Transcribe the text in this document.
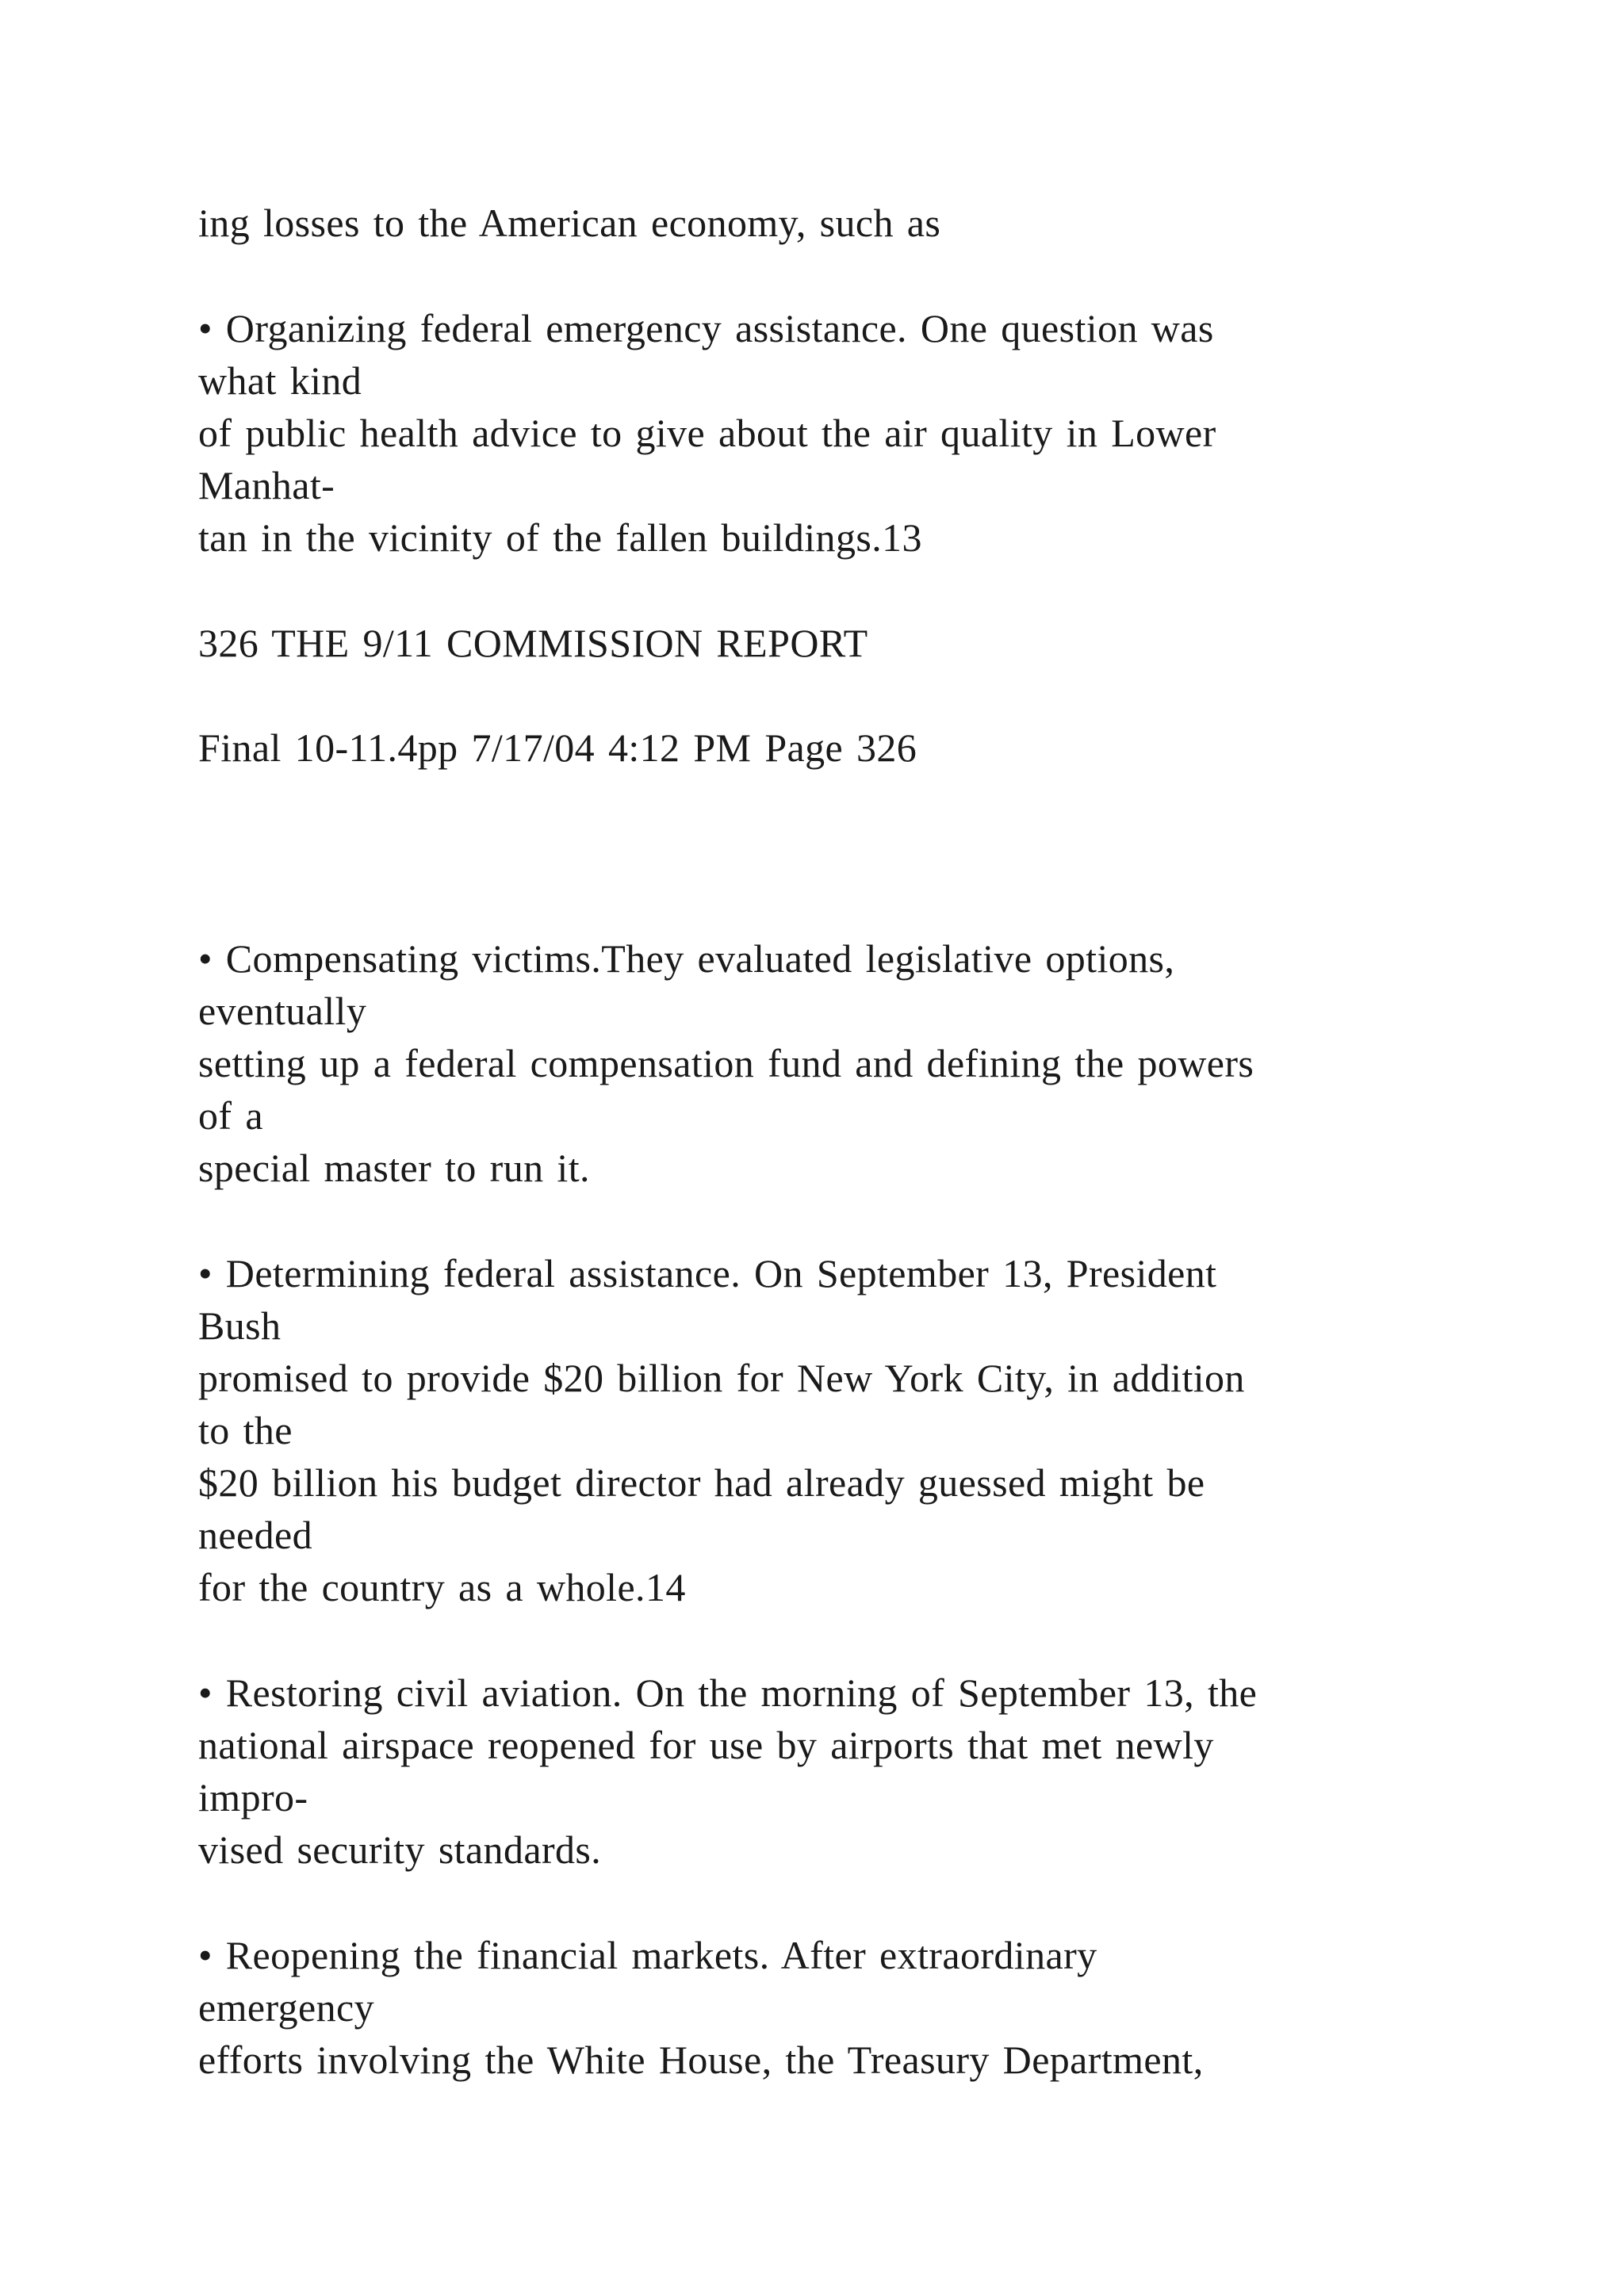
ing losses to the American economy, such as
• Organizing federal emergency assistance. One question was
what kind
of public health advice to give about the air quality in Lower
Manhat-
tan in the vicinity of the fallen buildings.13
326 THE 9/11 COMMISSION REPORT
Final 10-11.4pp 7/17/04 4:12 PM Page 326
• Compensating victims.They evaluated legislative options,
eventually
setting up a federal compensation fund and defining the powers
of a
special master to run it.
• Determining federal assistance. On September 13, President
Bush
promised to provide $20 billion for New York City, in addition
to the
$20 billion his budget director had already guessed might be
needed
for the country as a whole.14
• Restoring civil aviation. On the morning of September 13, the
national airspace reopened for use by airports that met newly
impro-
vised security standards.
• Reopening the financial markets. After extraordinary
emergency
efforts involving the White House, the Treasury Department,
